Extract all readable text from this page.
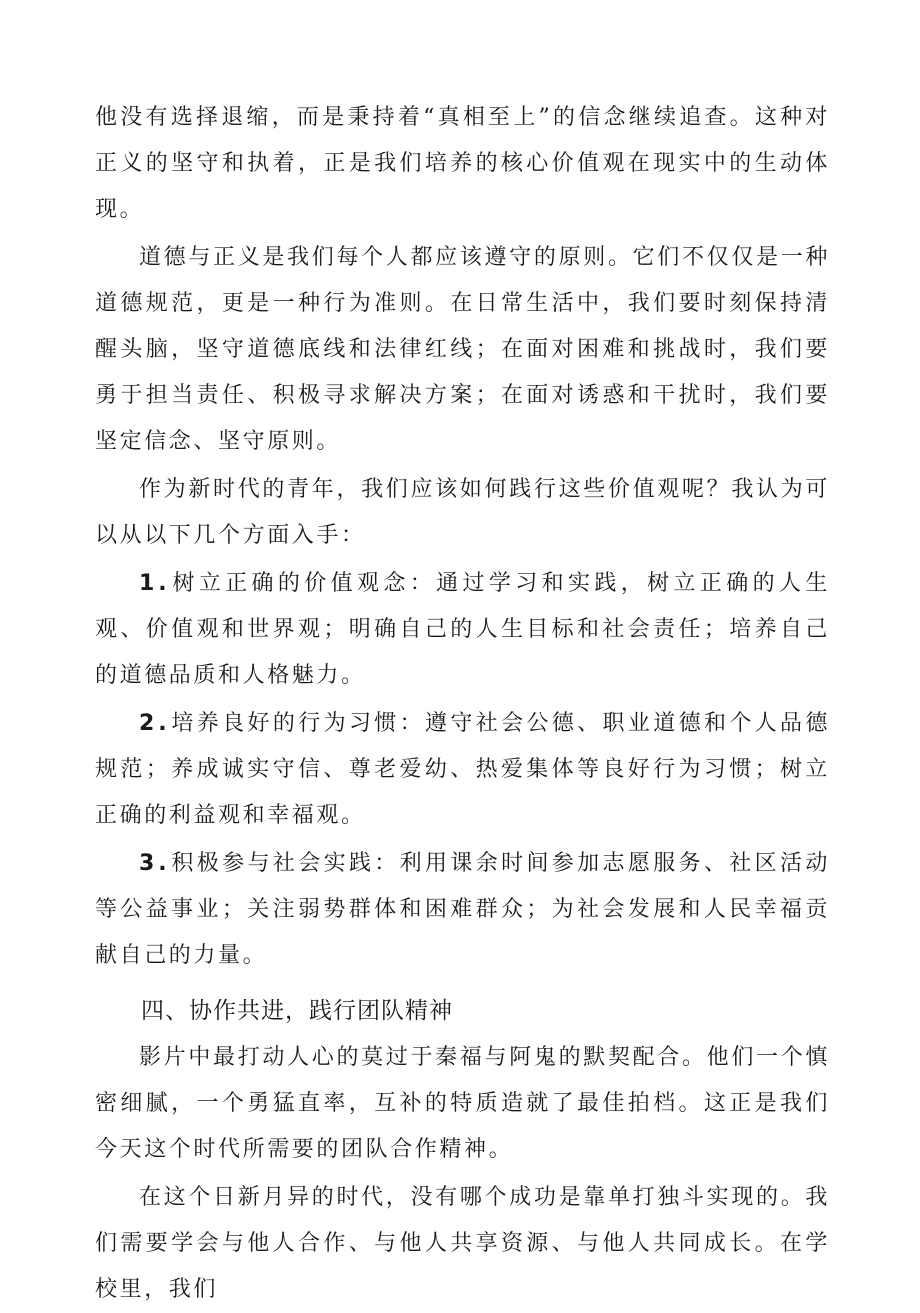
他没有选择退缩，而是秉持着“真相至上”的信念继续追查。这种对正义的坚守和执着，正是我们培养的核心价值观在现实中的生动体现。

道德与正义是我们每个人都应该遵守的原则。它们不仅仅是一种道德规范，更是一种行为准则。在日常生活中，我们要时刻保持清醒头脑，坚守道德底线和法律红线；在面对困难和挑战时，我们要勇于担当责任、积极寻求解决方案；在面对诱惑和干扰时，我们要坚定信念、坚守原则。

作为新时代的青年，我们应该如何践行这些价值观呢？我认为可以从以下几个方面入手：

1.树立正确的价值观念：通过学习和实践，树立正确的人生观、价值观和世界观；明确自己的人生目标和社会责任；培养自己的道德品质和人格魅力。

2.培养良好的行为习惯：遵守社会公德、职业道德和个人品德规范；养成诚实守信、尊老爱幼、热爱集体等良好行为习惯；树立正确的利益观和幸福观。

3.积极参与社会实践：利用课余时间参加志愿服务、社区活动等公益事业；关注弱势群体和困难群众；为社会发展和人民幸福贡献自己的力量。

四、协作共进，践行团队精神

影片中最打动人心的莫过于秦福与阿鬼的默契配合。他们一个慎密细腻，一个勇猛直率，互补的特质造就了最佳拍档。这正是我们今天这个时代所需要的团队合作精神。

在这个日新月异的时代，没有哪个成功是靠单打独斗实现的。我们需要学会与他人合作、与他人共享资源、与他人共同成长。在学校里，我们
